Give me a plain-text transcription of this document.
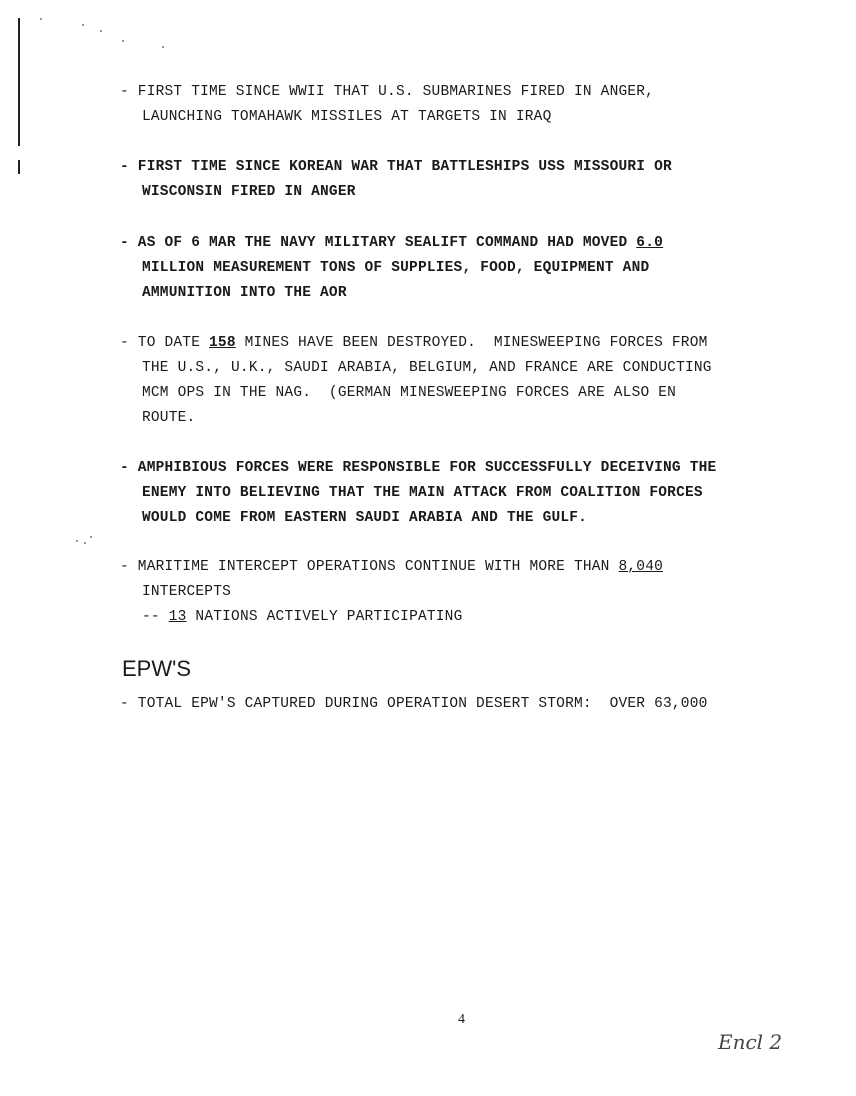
- FIRST TIME SINCE WWII THAT U.S. SUBMARINES FIRED IN ANGER,
LAUNCHING TOMAHAWK MISSILES AT TARGETS IN IRAQ
- FIRST TIME SINCE KOREAN WAR THAT BATTLESHIPS USS MISSOURI OR
WISCONSIN FIRED IN ANGER
- AS OF 6 MAR THE NAVY MILITARY SEALIFT COMMAND HAD MOVED 6.0
MILLION MEASUREMENT TONS OF SUPPLIES, FOOD, EQUIPMENT AND
AMMUNITION INTO THE AOR
- TO DATE 158 MINES HAVE BEEN DESTROYED.  MINESWEEPING FORCES FROM
THE U.S., U.K., SAUDI ARABIA, BELGIUM, AND FRANCE ARE CONDUCTING
MCM OPS IN THE NAG.  (GERMAN MINESWEEPING FORCES ARE ALSO EN
ROUTE.
- AMPHIBIOUS FORCES WERE RESPONSIBLE FOR SUCCESSFULLY DECEIVING THE
ENEMY INTO BELIEVING THAT THE MAIN ATTACK FROM COALITION FORCES
WOULD COME FROM EASTERN SAUDI ARABIA AND THE GULF.
- MARITIME INTERCEPT OPERATIONS CONTINUE WITH MORE THAN 8,040
INTERCEPTS
-- 13 NATIONS ACTIVELY PARTICIPATING
EPW'S
- TOTAL EPW'S CAPTURED DURING OPERATION DESERT STORM:  OVER 63,000
4
Encl 2
